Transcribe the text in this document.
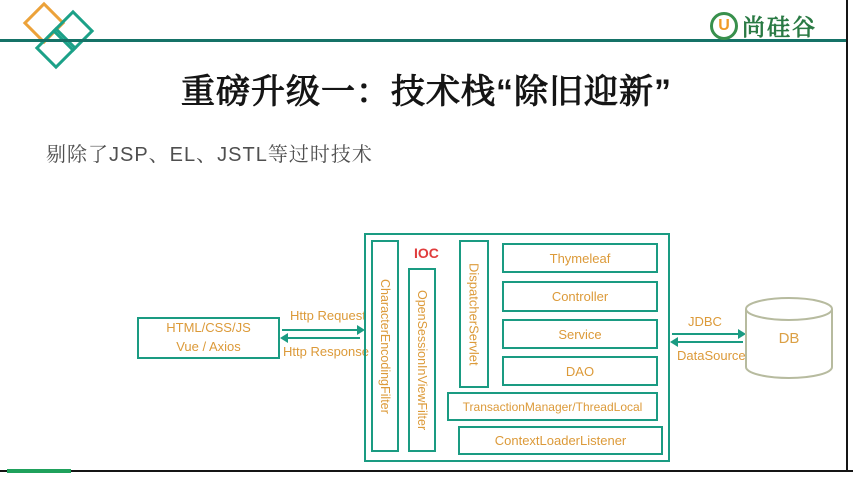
U 尚硅谷
重磅升级一：技术栈“除旧迎新”
剔除了JSP、EL、JSTL等过时技术
HTML/CSS/JS
Vue / Axios
Http Request
Http Response
IOC
CharacterEncodingFilter OpenSessionInViewFilter	DispatcherServlet
Thymeleaf
Controller
Service
DAO
TransactionManager/ThreadLocal
ContextLoaderListener
JDBC
DataSource
DB
